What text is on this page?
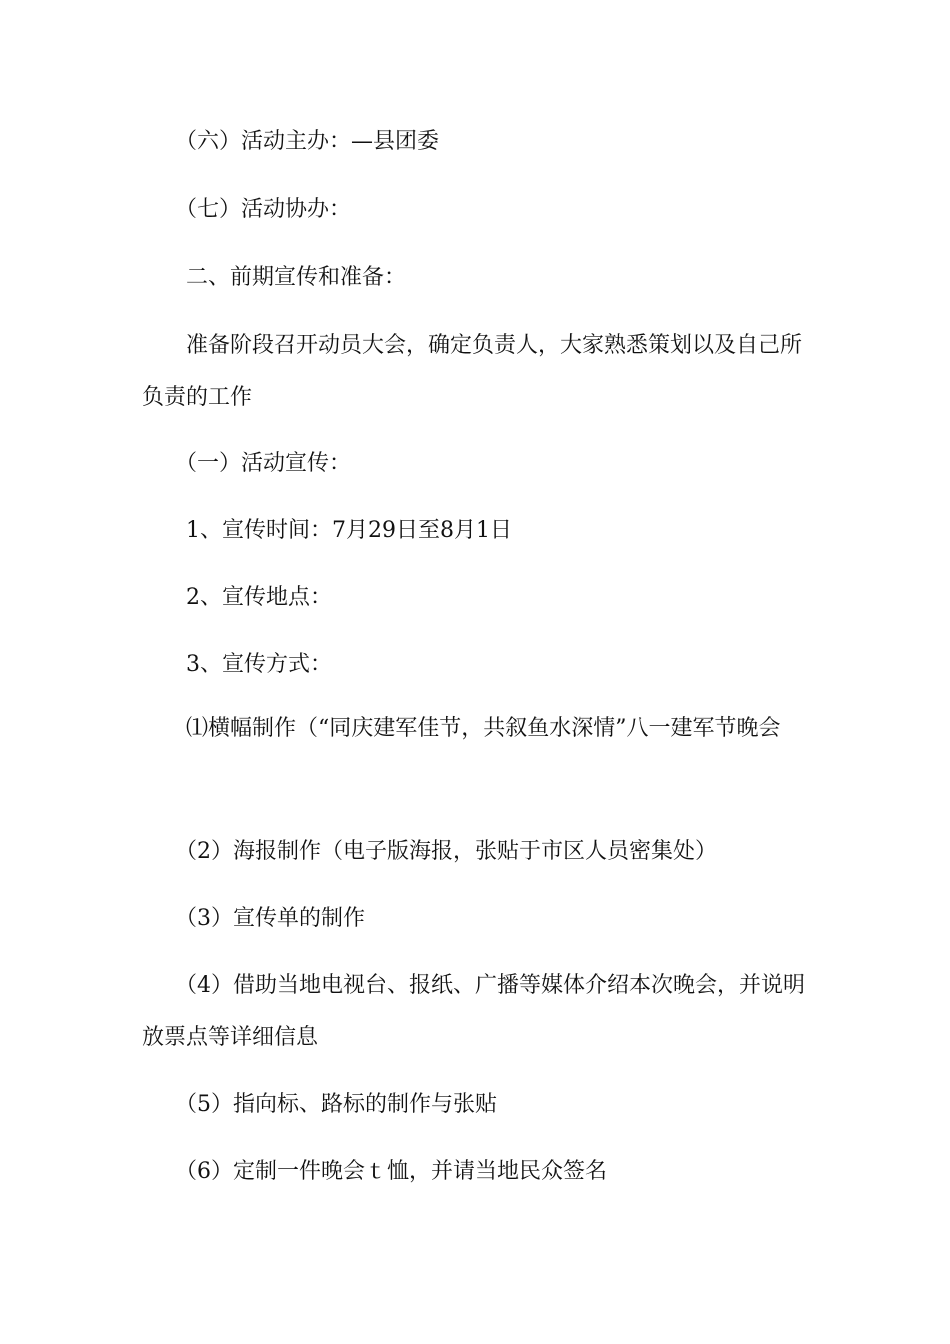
　　（六）活动主办：—县团委

　　（七）活动协办：

　　二、前期宣传和准备：

　　准备阶段召开动员大会，确定负责人，大家熟悉策划以及自己所负责的工作

　　（一）活动宣传：

　　1、宣传时间：7月29日至8月1日

　　2、宣传地点：

　　3、宣传方式：

　　⑴横幅制作（“同庆建军佳节，共叙鱼水深情”八一建军节晚会

　　（2）海报制作（电子版海报，张贴于市区人员密集处）

　　（3）宣传单的制作

　　（4）借助当地电视台、报纸、广播等媒体介绍本次晚会，并说明放票点等详细信息

　　（5）指向标、路标的制作与张贴

　　（6）定制一件晚会ｔ恤，并请当地民众签名
